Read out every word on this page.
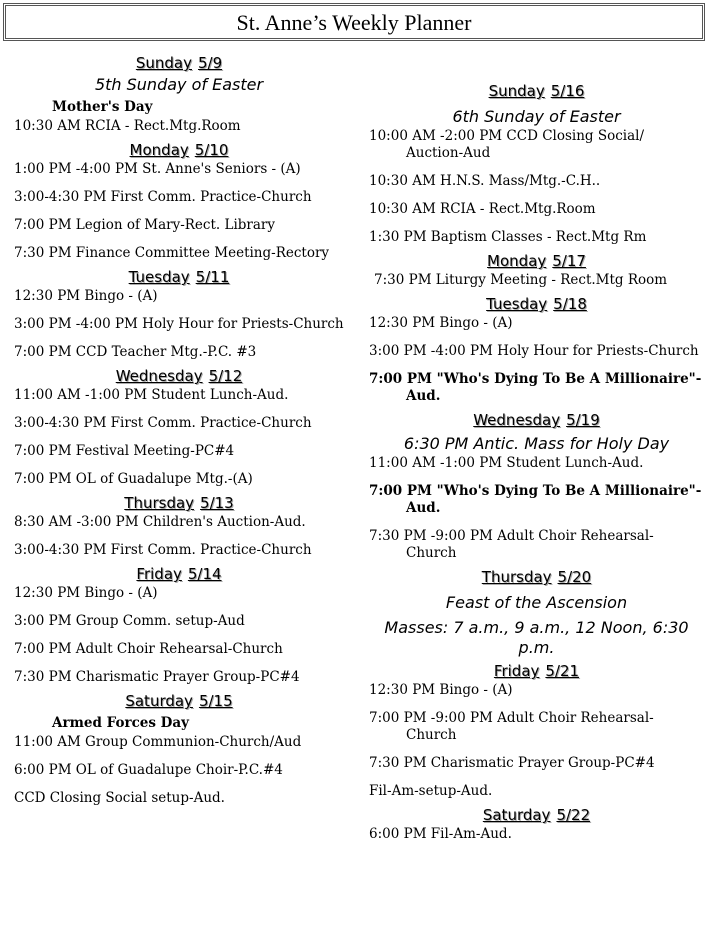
St. Anne’s Weekly Planner
Sunday 5/9
5th Sunday of Easter
Mother's Day
10:30 AM RCIA - Rect.Mtg.Room
Monday 5/10
1:00 PM -4:00 PM St. Anne's Seniors - (A)
3:00-4:30 PM First Comm. Practice-Church
7:00 PM Legion of Mary-Rect. Library
7:30 PM Finance Committee Meeting-Rectory
Tuesday 5/11
12:30 PM Bingo - (A)
3:00 PM -4:00 PM Holy Hour for Priests-Church
7:00 PM CCD Teacher Mtg.-P.C. #3
Wednesday 5/12
11:00 AM -1:00 PM Student Lunch-Aud.
3:00-4:30 PM First Comm. Practice-Church
7:00 PM Festival Meeting-PC#4
7:00 PM OL of Guadalupe Mtg.-(A)
Thursday 5/13
8:30 AM -3:00 PM Children's Auction-Aud.
3:00-4:30 PM First Comm. Practice-Church
Friday 5/14
12:30 PM Bingo - (A)
3:00 PM Group Comm. setup-Aud
7:00 PM Adult Choir Rehearsal-Church
7:30 PM Charismatic Prayer Group-PC#4
Saturday 5/15
Armed Forces Day
11:00 AM Group Communion-Church/Aud
6:00 PM OL of Guadalupe Choir-P.C.#4
CCD Closing Social setup-Aud.
Sunday 5/16
6th Sunday of Easter
10:00 AM -2:00 PM CCD Closing Social/ Auction-Aud
10:30 AM H.N.S. Mass/Mtg.-C.H..
10:30 AM RCIA - Rect.Mtg.Room
1:30 PM Baptism Classes - Rect.Mtg Rm
Monday 5/17
7:30 PM Liturgy Meeting - Rect.Mtg Room
Tuesday 5/18
12:30 PM Bingo - (A)
3:00 PM -4:00 PM Holy Hour for Priests-Church
7:00 PM "Who's Dying To Be A Millionaire"-Aud.
Wednesday 5/19
6:30 PM Antic. Mass for Holy Day
11:00 AM -1:00 PM Student Lunch-Aud.
7:00 PM "Who's Dying To Be A Millionaire"-Aud.
7:30 PM -9:00 PM Adult Choir Rehearsal-Church
Thursday 5/20
Feast of the Ascension
Masses: 7 a.m., 9 a.m., 12 Noon, 6:30 p.m.
Friday 5/21
12:30 PM Bingo - (A)
7:00 PM -9:00 PM Adult Choir Rehearsal-Church
7:30 PM Charismatic Prayer Group-PC#4
Fil-Am-setup-Aud.
Saturday 5/22
6:00 PM Fil-Am-Aud.
